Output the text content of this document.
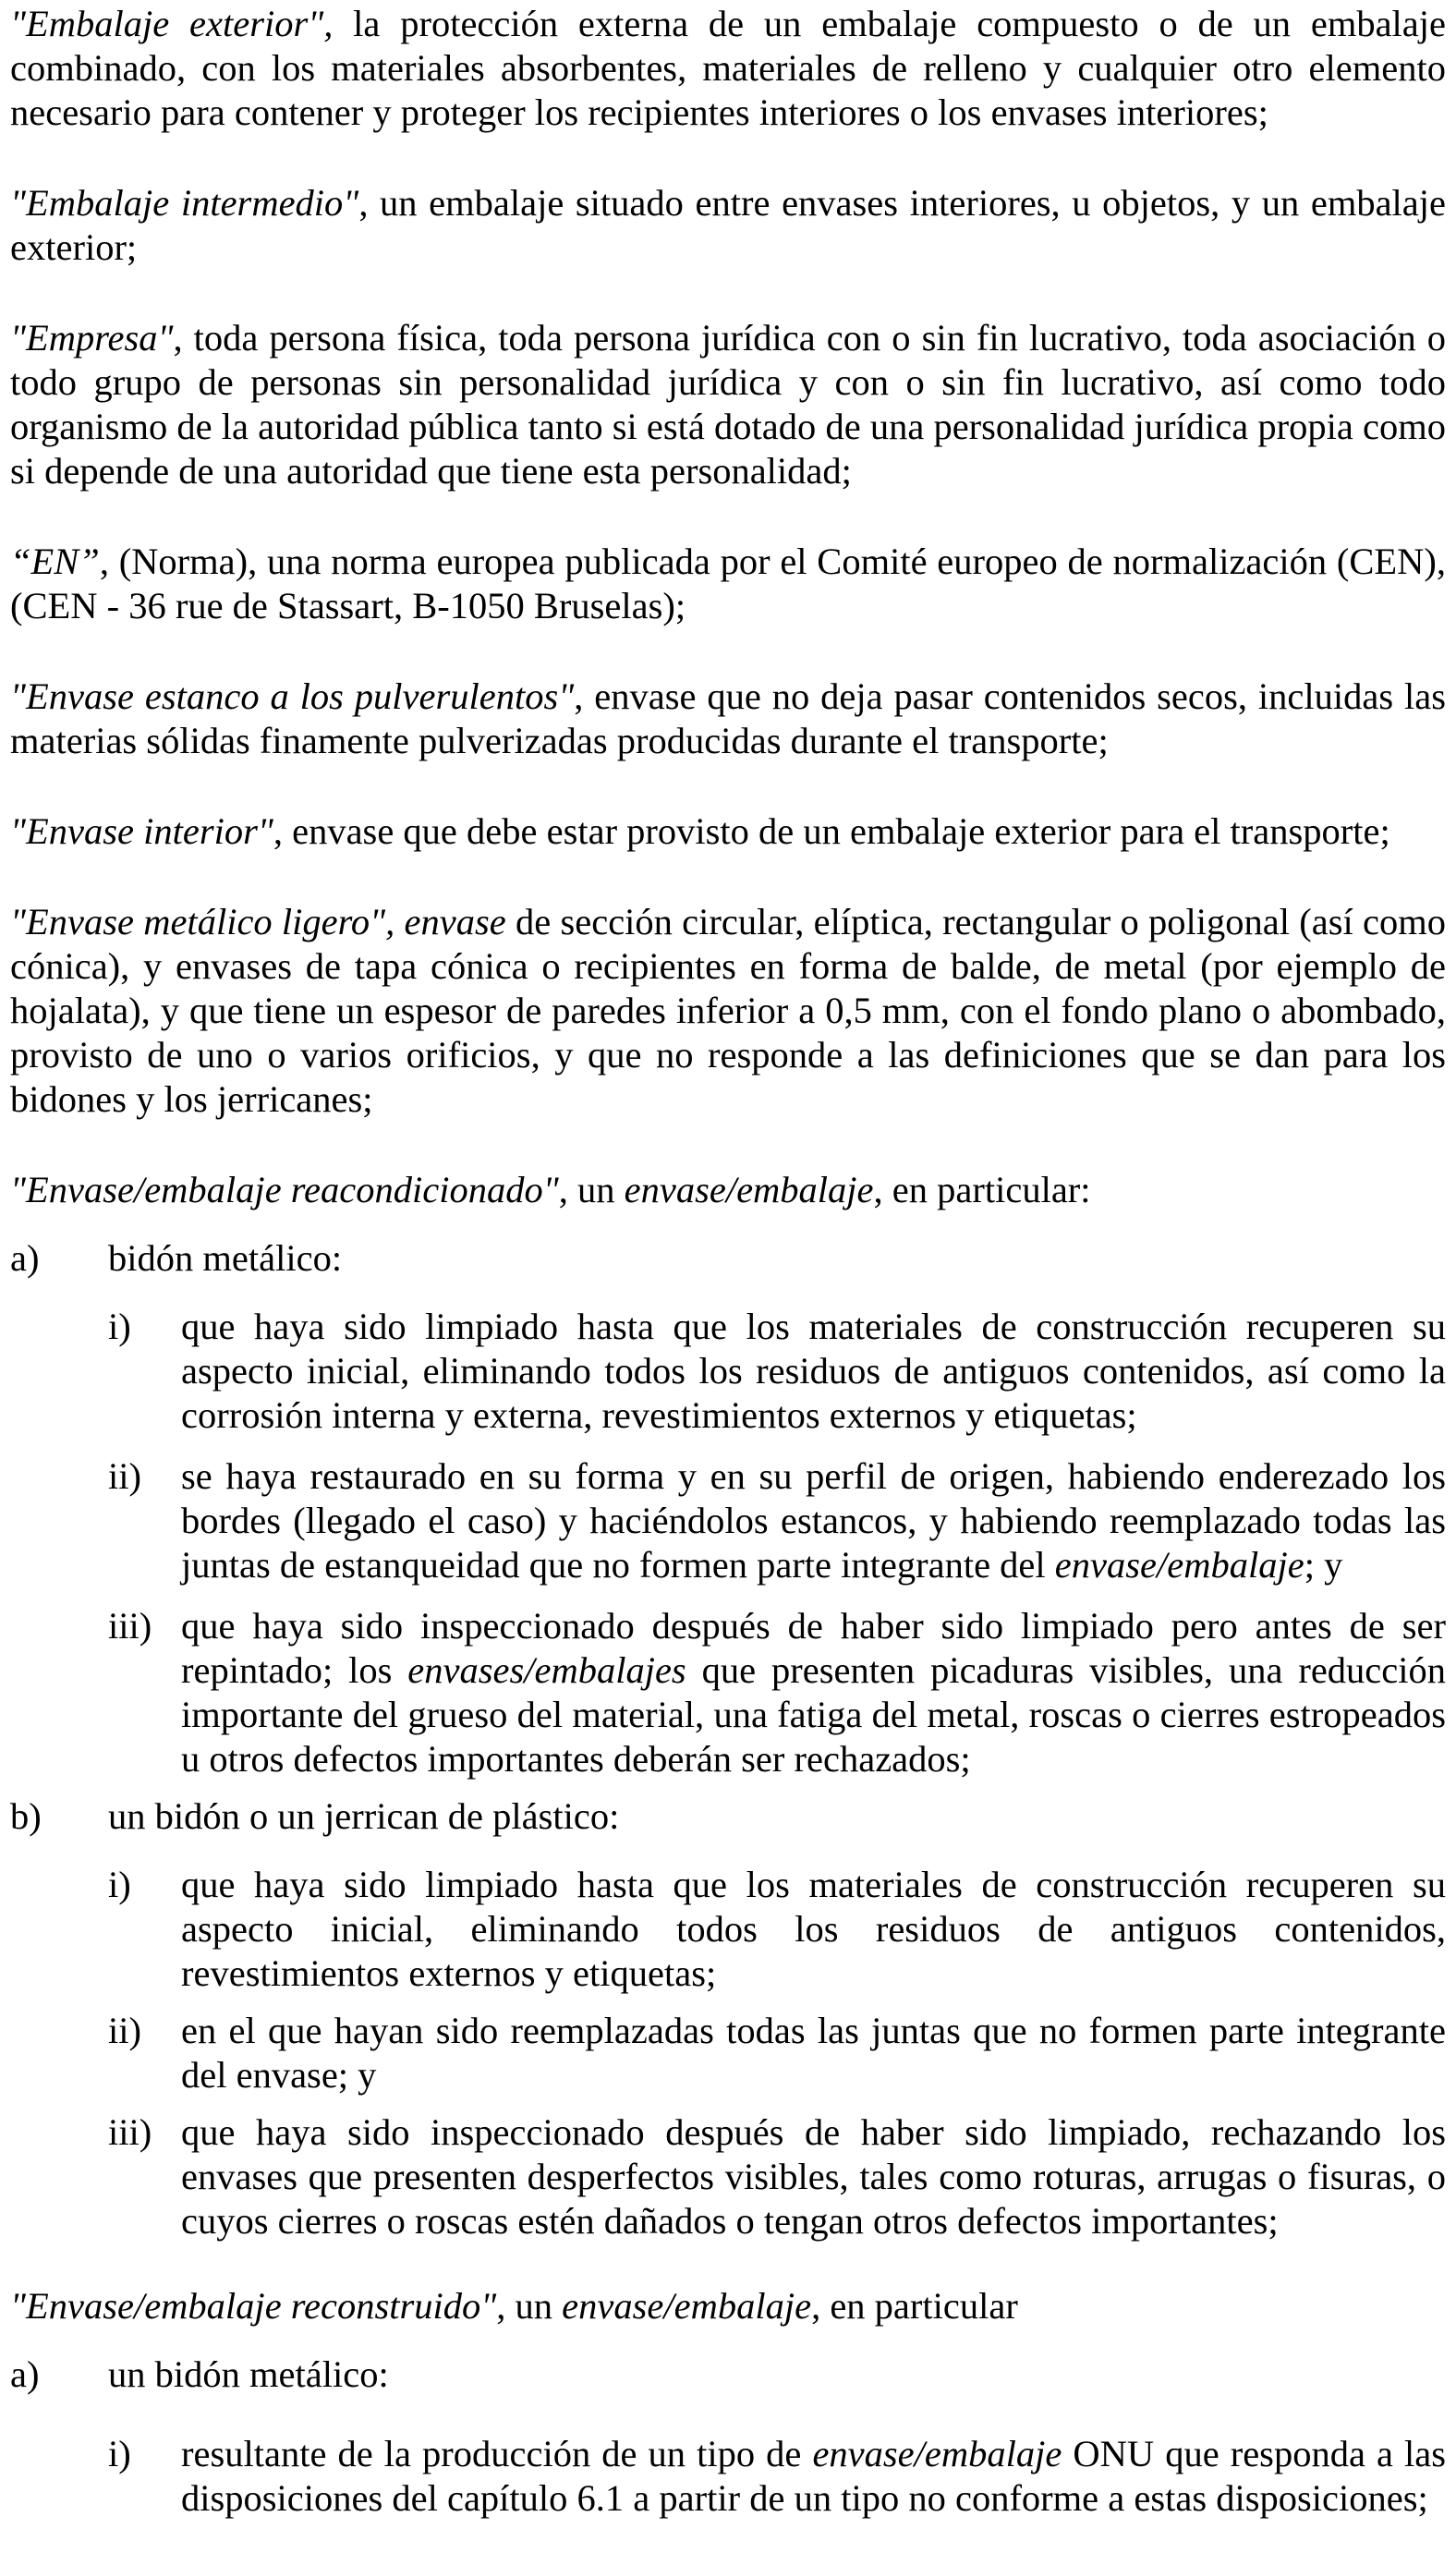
"Embalaje exterior", la protección externa de un embalaje compuesto o de un embalaje combinado, con los materiales absorbentes, materiales de relleno y cualquier otro elemento necesario para contener y proteger los recipientes interiores o los envases interiores;

"Embalaje intermedio", un embalaje situado entre envases interiores, u objetos, y un embalaje exterior;

"Empresa", toda persona física, toda persona jurídica con o sin fin lucrativo, toda asociación o todo grupo de personas sin personalidad jurídica y con o sin fin lucrativo, así como todo organismo de la autoridad pública tanto si está dotado de una personalidad jurídica propia como si depende de una autoridad que tiene esta personalidad;

“EN”, (Norma), una norma europea publicada por el Comité europeo de normalización (CEN), (CEN - 36 rue de Stassart, B-1050 Bruselas);

"Envase estanco a los pulverulentos", envase que no deja pasar contenidos secos, incluidas las materias sólidas finamente pulverizadas producidas durante el transporte;

"Envase interior", envase que debe estar provisto de un embalaje exterior para el transporte;

"Envase metálico ligero", envase de sección circular, elíptica, rectangular o poligonal (así como cónica), y envases de tapa cónica o recipientes en forma de balde, de metal (por ejemplo de hojalata), y que tiene un espesor de paredes inferior a 0,5 mm, con el fondo plano o abombado, provisto de uno o varios orificios, y que no responde a las definiciones que se dan para los bidones y los jerricanes;

"Envase/embalaje reacondicionado", un envase/embalaje, en particular:

a) bidón metálico:
i) que haya sido limpiado hasta que los materiales de construcción recuperen su aspecto inicial, eliminando todos los residuos de antiguos contenidos, así como la corrosión interna y externa, revestimientos externos y etiquetas;
ii) se haya restaurado en su forma y en su perfil de origen, habiendo enderezado los bordes (llegado el caso) y haciéndolos estancos, y habiendo reemplazado todas las juntas de estanqueidad que no formen parte integrante del envase/embalaje; y
iii) que haya sido inspeccionado después de haber sido limpiado pero antes de ser repintado; los envases/embalajes que presenten picaduras visibles, una reducción importante del grueso del material, una fatiga del metal, roscas o cierres estropeados u otros defectos importantes deberán ser rechazados;
b) un bidón o un jerrican de plástico:
i) que haya sido limpiado hasta que los materiales de construcción recuperen su aspecto inicial, eliminando todos los residuos de antiguos contenidos, revestimientos externos y etiquetas;
ii) en el que hayan sido reemplazadas todas las juntas que no formen parte integrante del envase; y
iii) que haya sido inspeccionado después de haber sido limpiado, rechazando los envases que presenten desperfectos visibles, tales como roturas, arrugas o fisuras, o cuyos cierres o roscas estén dañados o tengan otros defectos importantes;

"Envase/embalaje reconstruido", un envase/embalaje, en particular

a) un bidón metálico:
i) resultante de la producción de un tipo de envase/embalaje ONU que responda a las disposiciones del capítulo 6.1 a partir de un tipo no conforme a estas disposiciones;
